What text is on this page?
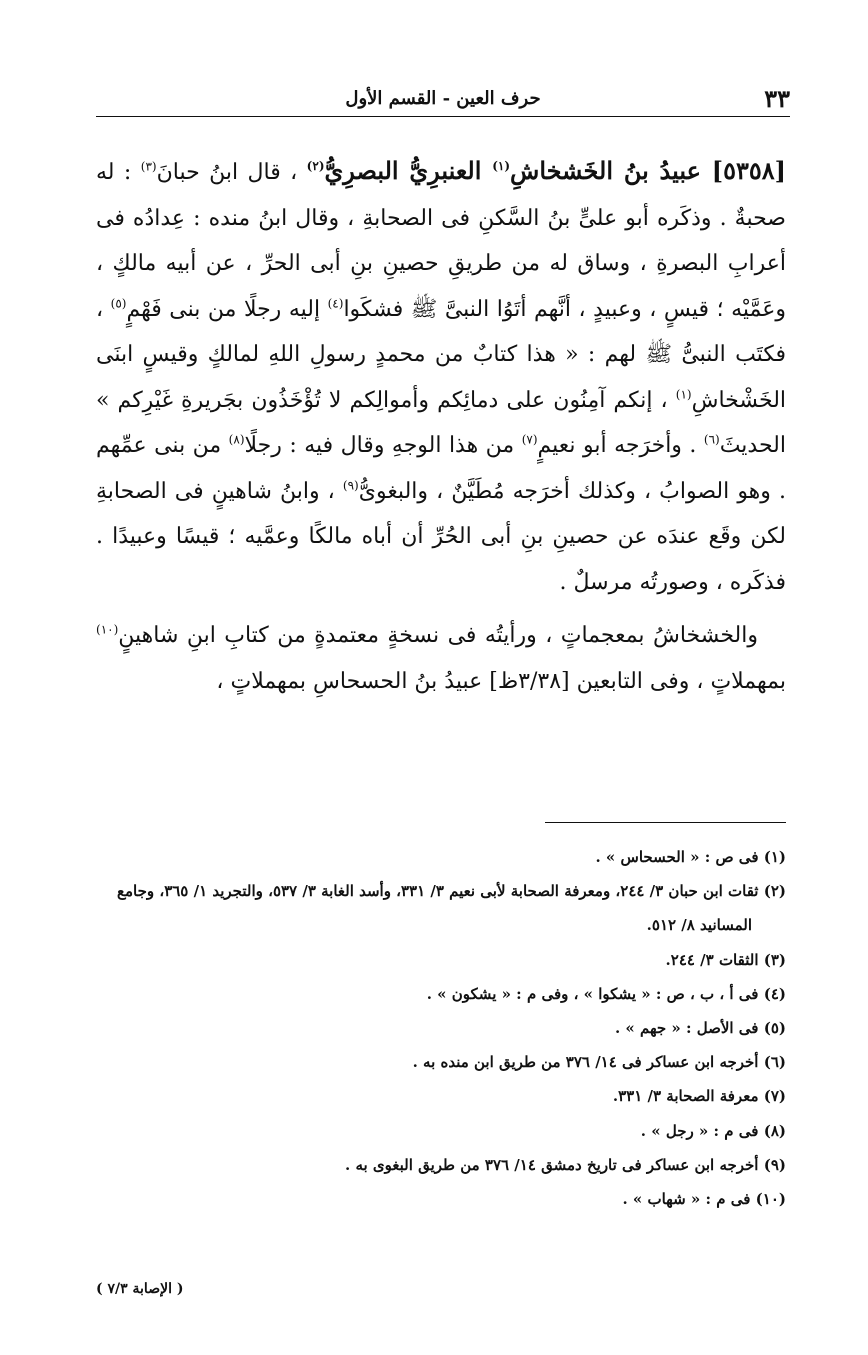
٣٣
حرف العين - القسم الأول

[٥٣٥٨] عبيدُ بنُ الخَشخاشِ$^{(١)}$ العنبرِيُّ البصرِيُّ$^{(٢)}$ ، قال ابنُ حبانَ$^{(٣)}$ : له صحبةٌ . وذكَره أبو علىٍّ بنُ السَّكنِ فى الصحابةِ ، وقال ابنُ منده : عِدادُه فى أعرابِ البصرةِ ، وساق له من طريقِ حصينِ بنِ أبى الحرِّ ، عن أبيه مالكٍ ، وعَمَّيْه ؛ قيسٍ ، وعبيدٍ ، أنَّهم أتَوُا النبىَّ ﷺ فشكَوا$^{(٤)}$ إليه رجلًا من بنى فَهْمٍ$^{(٥)}$ ، فكتَب النبىُّ ﷺ لهم : « هذا كتابٌ من محمدٍ رسولِ اللهِ لمالكٍ وقيسٍ ابنَى الخَشْخاشِ$^{(١)}$ ، إنكم آمِنُون على دمائِكم وأموالِكم لا تُؤْخَذُون بجَريرةِ غَيْرِكم » الحديثَ$^{(٦)}$ . وأخرَجه أبو نعيمٍ$^{(٧)}$ من هذا الوجهِ وقال فيه : رجلًا$^{(٨)}$ من بنى عمِّهم . وهو الصوابُ ، وكذلك أخرَجه مُطَيَّنٌ ، والبغوىُّ$^{(٩)}$ ، وابنُ شاهينٍ فى الصحابةِ لكن وقَع عندَه عن حصينِ بنِ أبى الحُرِّ أن أباه مالكًا وعمَّيه ؛ قيسًا وعبيدًا . فذكَره ، وصورتُه مرسلٌ .

والخشخاشُ بمعجماتٍ ، ورأيتُه فى نسخةٍ معتمدةٍ من كتابِ ابنِ شاهينٍ$^{(١٠)}$ بمهملاتٍ ، وفى التابعين [٣/٣٨ظ] عبيدُ بنُ الحسحاسِ بمهملاتٍ ،

(١) فى ص : « الحسحاس » .

(٢) ثقات ابن حبان ٣/ ٢٤٤، ومعرفة الصحابة لأبى نعيم ٣/ ٣٣١، وأسد الغابة ٣/ ٥٣٧، والتجريد ١/ ٣٦٥، وجامع المسانيد ٨/ ٥١٢.

(٣) الثقات ٣/ ٢٤٤.

(٤) فى أ ، ب ، ص : « يشكوا » ، وفى م : « يشكون » .

(٥) فى الأصل : « جهم » .

(٦) أخرجه ابن عساكر فى ١٤/ ٣٧٦ من طريق ابن منده به .

(٧) معرفة الصحابة ٣/ ٣٣١.

(٨) فى م : « رجل » .

(٩) أخرجه ابن عساكر فى تاريخ دمشق ١٤/ ٣٧٦ من طريق البغوى به .

(١٠) فى م : « شهاب » .

( الإصابة ٧/٣ )
